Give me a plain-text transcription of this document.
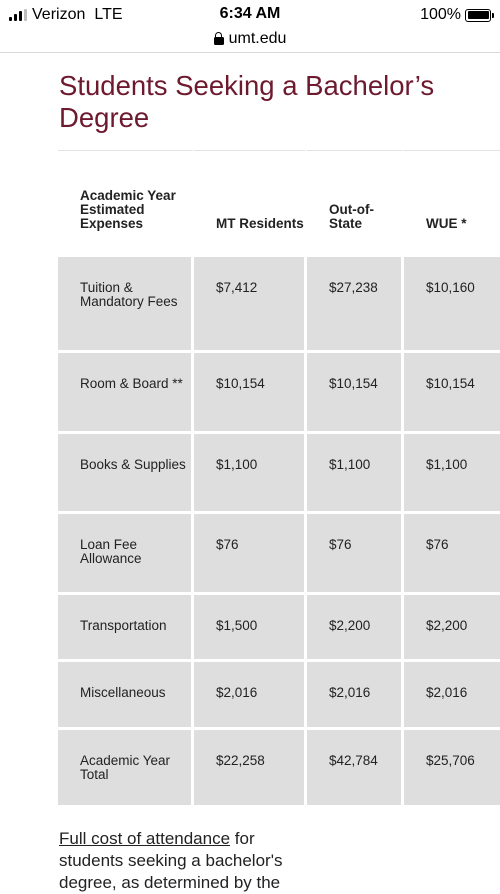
Verizon LTE	6:34 AM	100%
umt.edu
Students Seeking a Bachelor’s Degree
Academic Year Estimated Expenses	MT Residents	Out-of-State	WUE *
Tuition & Mandatory Fees	$7,412	$27,238	$10,160
Room & Board **	$10,154	$10,154	$10,154
Books & Supplies	$1,100	$1,100	$1,100
Loan Fee Allowance	$76	$76	$76
Transportation	$1,500	$2,200	$2,200
Miscellaneous	$2,016	$2,016	$2,016
Academic Year Total	$22,258	$42,784	$25,706

Full cost of attendance for students seeking a bachelor's degree, as determined by the
